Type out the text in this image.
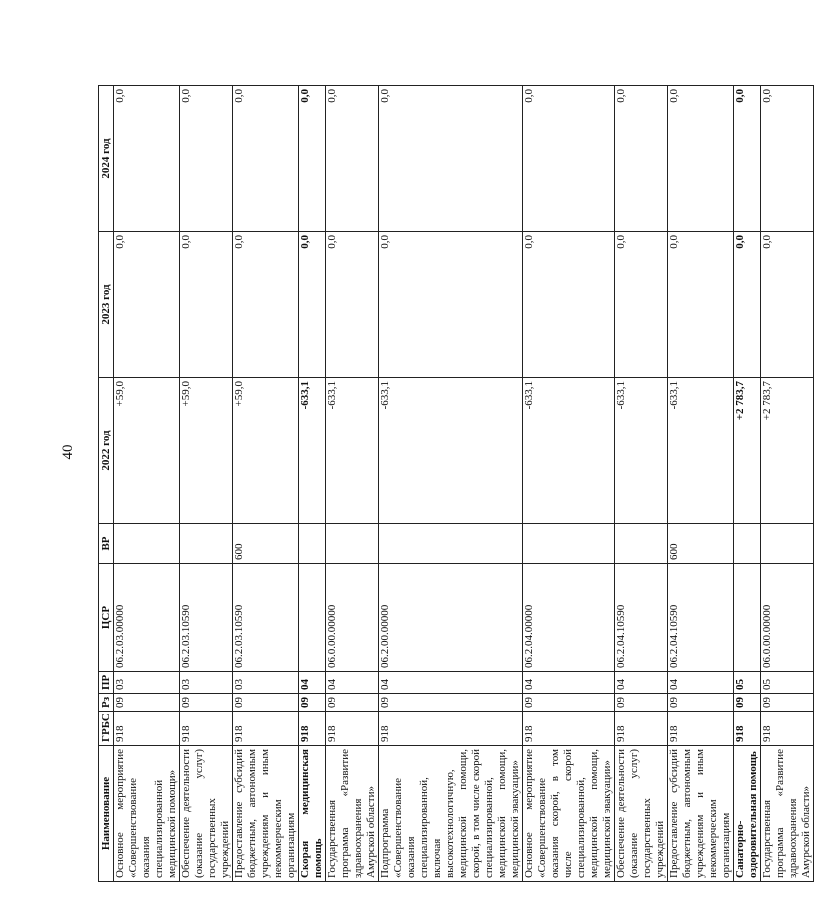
40
Наименование	ГРБС	Рз	ПР	ЦСР	ВР	2022 год	2023 год	2024 год
Основное мероприятие «Совершенствование оказания специализированной медицинской помощи»	918	09	03	06.2.03.00000		+59,0	0,0	0,0
Обеспечение деятельности (оказание услуг) государственных учреждений	918	09	03	06.2.03.10590		+59,0	0,0	0,0
Предоставление субсидий бюджетным, автономным учреждениям и иным некоммерческим организациям	918	09	03	06.2.03.10590	600	+59,0	0,0	0,0
Скорая медицинская помощь	918	09	04			-633,1	0,0	0,0
Государственная программа «Развитие здравоохранения Амурской области»	918	09	04	06.0.00.00000		-633,1	0,0	0,0
Подпрограмма «Совершенствование оказания специализированной, включая высокотехнологичную, медицинской помощи, скорой, в том числе скорой специализированной, медицинской помощи, медицинской эвакуации»	918	09	04	06.2.00.00000		-633,1	0,0	0,0
Основное мероприятие «Совершенствование оказания скорой, в том числе скорой специализированной, медицинской помощи, медицинской эвакуации»	918	09	04	06.2.04.00000		-633,1	0,0	0,0
Обеспечение деятельности (оказание услуг) государственных учреждений	918	09	04	06.2.04.10590		-633,1	0,0	0,0
Предоставление субсидий бюджетным, автономным учреждениям и иным некоммерческим организациям	918	09	04	06.2.04.10590	600	-633,1	0,0	0,0
Санаторно-оздоровительная помощь	918	09	05			+2 783,7	0,0	0,0
Государственная программа «Развитие здравоохранения Амурской области»	918	09	05	06.0.00.00000		+2 783,7	0,0	0,0
